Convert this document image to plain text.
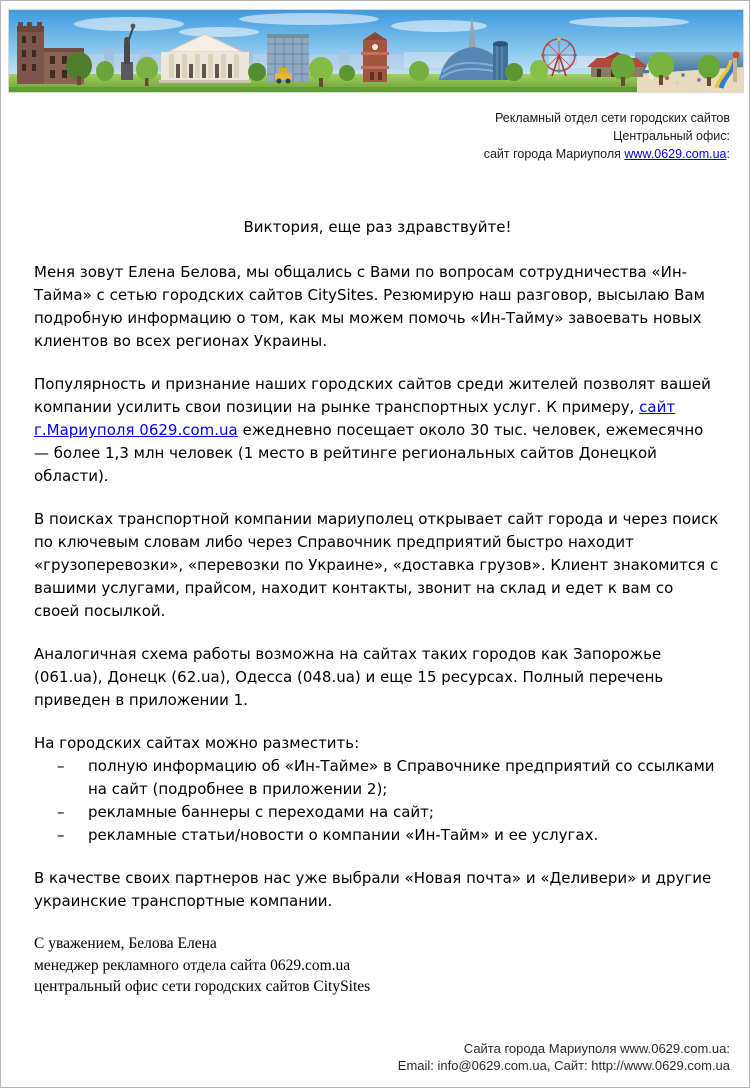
Рекламный отдел сети городских сайтов
Центральный офис:
сайт города Мариуполя www.0629.com.ua:
Виктория, еще раз здравствуйте!

Меня зовут Елена Белова, мы общались с Вами по вопросам сотрудничества «Ин-Тайма» с сетью городских сайтов CitySites. Резюмирую наш разговор, высылаю Вам подробную информацию о том, как мы можем помочь «Ин-Тайму» завоевать новых клиентов во всех регионах Украины.

Популярность и признание наших городских сайтов среди жителей позволят вашей компании усилить свои позиции на рынке транспортных услуг. К примеру, сайт г.Мариуполя 0629.com.ua ежедневно посещает около 30 тыс. человек, ежемесячно — более 1,3 млн человек (1 место в рейтинге региональных сайтов Донецкой области).

В поисках транспортной компании мариуполец открывает сайт города и через поиск по ключевым словам либо через Справочник предприятий быстро находит «грузоперевозки», «перевозки по Украине», «доставка грузов». Клиент знакомится с вашими услугами, прайсом, находит контакты, звонит на склад и едет к вам со своей посылкой.

Аналогичная схема работы возможна на сайтах таких городов как Запорожье (061.ua), Донецк (62.ua), Одесса (048.ua) и еще 15 ресурсах. Полный перечень приведен в приложении 1.

На городских сайтах можно разместить:

–	полную информацию об «Ин-Тайме» в Справочнике предприятий со ссылками на сайт (подробнее в приложении 2);
–	рекламные баннеры с переходами на сайт;
–	рекламные статьи/новости о компании «Ин-Тайм» и ее услугах.

В качестве своих партнеров нас уже выбрали «Новая почта» и «Деливери» и другие украинские транспортные компании.

С уважением, Белова Елена
менеджер рекламного отдела сайта 0629.com.ua
центральный офис сети городских сайтов CitySites
Сайта города Мариуполя www.0629.com.ua:
Email: info@0629.com.ua, Сайт: http://www.0629.com.ua
